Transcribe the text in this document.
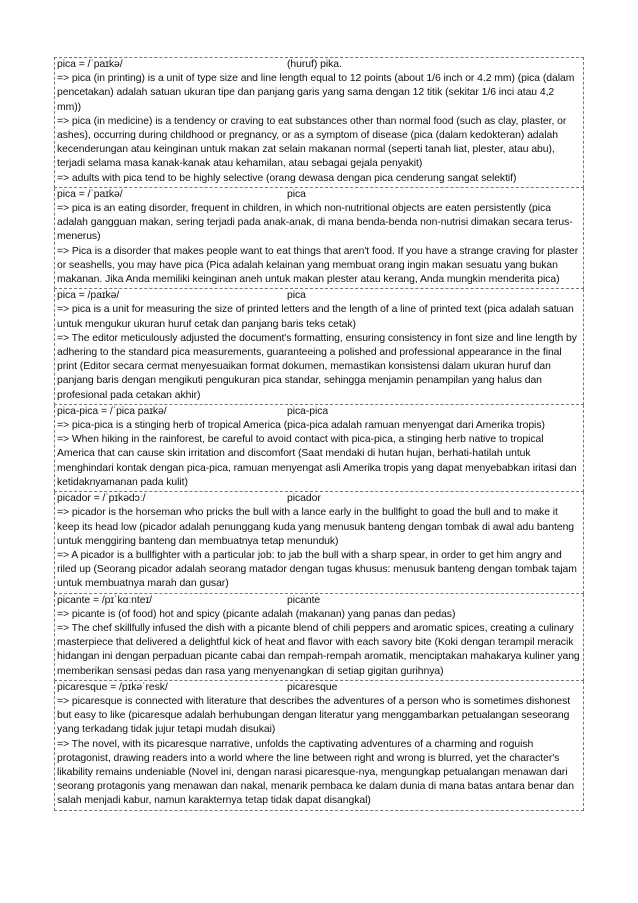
pica = /ˈpaɪkə/	(huruf) pika.

=> pica (in printing) is a unit of type size and line length equal to 12 points (about 1/6 inch or 4.2 mm) (pica (dalam pencetakan) adalah satuan ukuran tipe dan panjang garis yang sama dengan 12 titik (sekitar 1/6 inci atau 4,2 mm))

=> pica (in medicine) is a tendency or craving to eat substances other than normal food (such as clay, plaster, or ashes), occurring during childhood or pregnancy, or as a symptom of disease (pica (dalam kedokteran) adalah kecenderungan atau keinginan untuk makan zat selain makanan normal (seperti tanah liat, plester, atau abu), terjadi selama masa kanak-kanak atau kehamilan, atau sebagai gejala penyakit)

=> adults with pica tend to be highly selective (orang dewasa dengan pica cenderung sangat selektif)

pica = /ˈpaɪkə/	pica

=> pica is an eating disorder, frequent in children, in which non-nutritional objects are eaten persistently (pica adalah gangguan makan, sering terjadi pada anak-anak, di mana benda-benda non-nutrisi dimakan secara terus-menerus)

=> Pica is a disorder that makes people want to eat things that aren't food. If you have a strange craving for plaster or seashells, you may have pica (Pica adalah kelainan yang membuat orang ingin makan sesuatu yang bukan makanan. Jika Anda memiliki keinginan aneh untuk makan plester atau kerang, Anda mungkin menderita pica)

pica = /paɪkə/	pica

=> pica is a unit for measuring the size of printed letters and the length of a line of printed text (pica adalah satuan untuk mengukur ukuran huruf cetak dan panjang baris teks cetak)

=> The editor meticulously adjusted the document's formatting, ensuring consistency in font size and line length by adhering to the standard pica measurements, guaranteeing a polished and professional appearance in the final print (Editor secara cermat menyesuaikan format dokumen, memastikan konsistensi dalam ukuran huruf dan panjang baris dengan mengikuti pengukuran pica standar, sehingga menjamin penampilan yang halus dan profesional pada cetakan akhir)

pica-pica = /ˈpica paɪkə/	pica-pica

=> pica-pica is a stinging herb of tropical America (pica-pica adalah ramuan menyengat dari Amerika tropis)

=> When hiking in the rainforest, be careful to avoid contact with pica-pica, a stinging herb native to tropical America that can cause skin irritation and discomfort (Saat mendaki di hutan hujan, berhati-hatilah untuk menghindari kontak dengan pica-pica, ramuan menyengat asli Amerika tropis yang dapat menyebabkan iritasi dan ketidaknyamanan pada kulit)

picador = /ˈpɪkədɔː/	picador

=> picador is the horseman who pricks the bull with a lance early in the bullfight to goad the bull and to make it keep its head low (picador adalah penunggang kuda yang menusuk banteng dengan tombak di awal adu banteng untuk menggiring banteng dan membuatnya tetap menunduk)

=> A picador is a bullfighter with a particular job: to jab the bull with a sharp spear, in order to get him angry and riled up (Seorang picador adalah seorang matador dengan tugas khusus: menusuk banteng dengan tombak tajam untuk membuatnya marah dan gusar)

picante = /pɪˈkɑːnteɪ/	picante

=> picante is (of food) hot and spicy (picante adalah (makanan) yang panas dan pedas)

=> The chef skillfully infused the dish with a picante blend of chili peppers and aromatic spices, creating a culinary masterpiece that delivered a delightful kick of heat and flavor with each savory bite (Koki dengan terampil meracik hidangan ini dengan perpaduan picante cabai dan rempah-rempah aromatik, menciptakan mahakarya kuliner yang memberikan sensasi pedas dan rasa yang menyenangkan di setiap gigitan gurihnya)

picaresque = /pɪkəˈresk/	picaresque

=> picaresque is connected with literature that describes the adventures of a person who is sometimes dishonest but easy to like (picaresque adalah berhubungan dengan literatur yang menggambarkan petualangan seseorang yang terkadang tidak jujur tetapi mudah disukai)

=> The novel, with its picaresque narrative, unfolds the captivating adventures of a charming and roguish protagonist, drawing readers into a world where the line between right and wrong is blurred, yet the character's likability remains undeniable (Novel ini, dengan narasi picaresque-nya, mengungkap petualangan menawan dari seorang protagonis yang menawan dan nakal, menarik pembaca ke dalam dunia di mana batas antara benar dan salah menjadi kabur, namun karakternya tetap tidak dapat disangkal)
